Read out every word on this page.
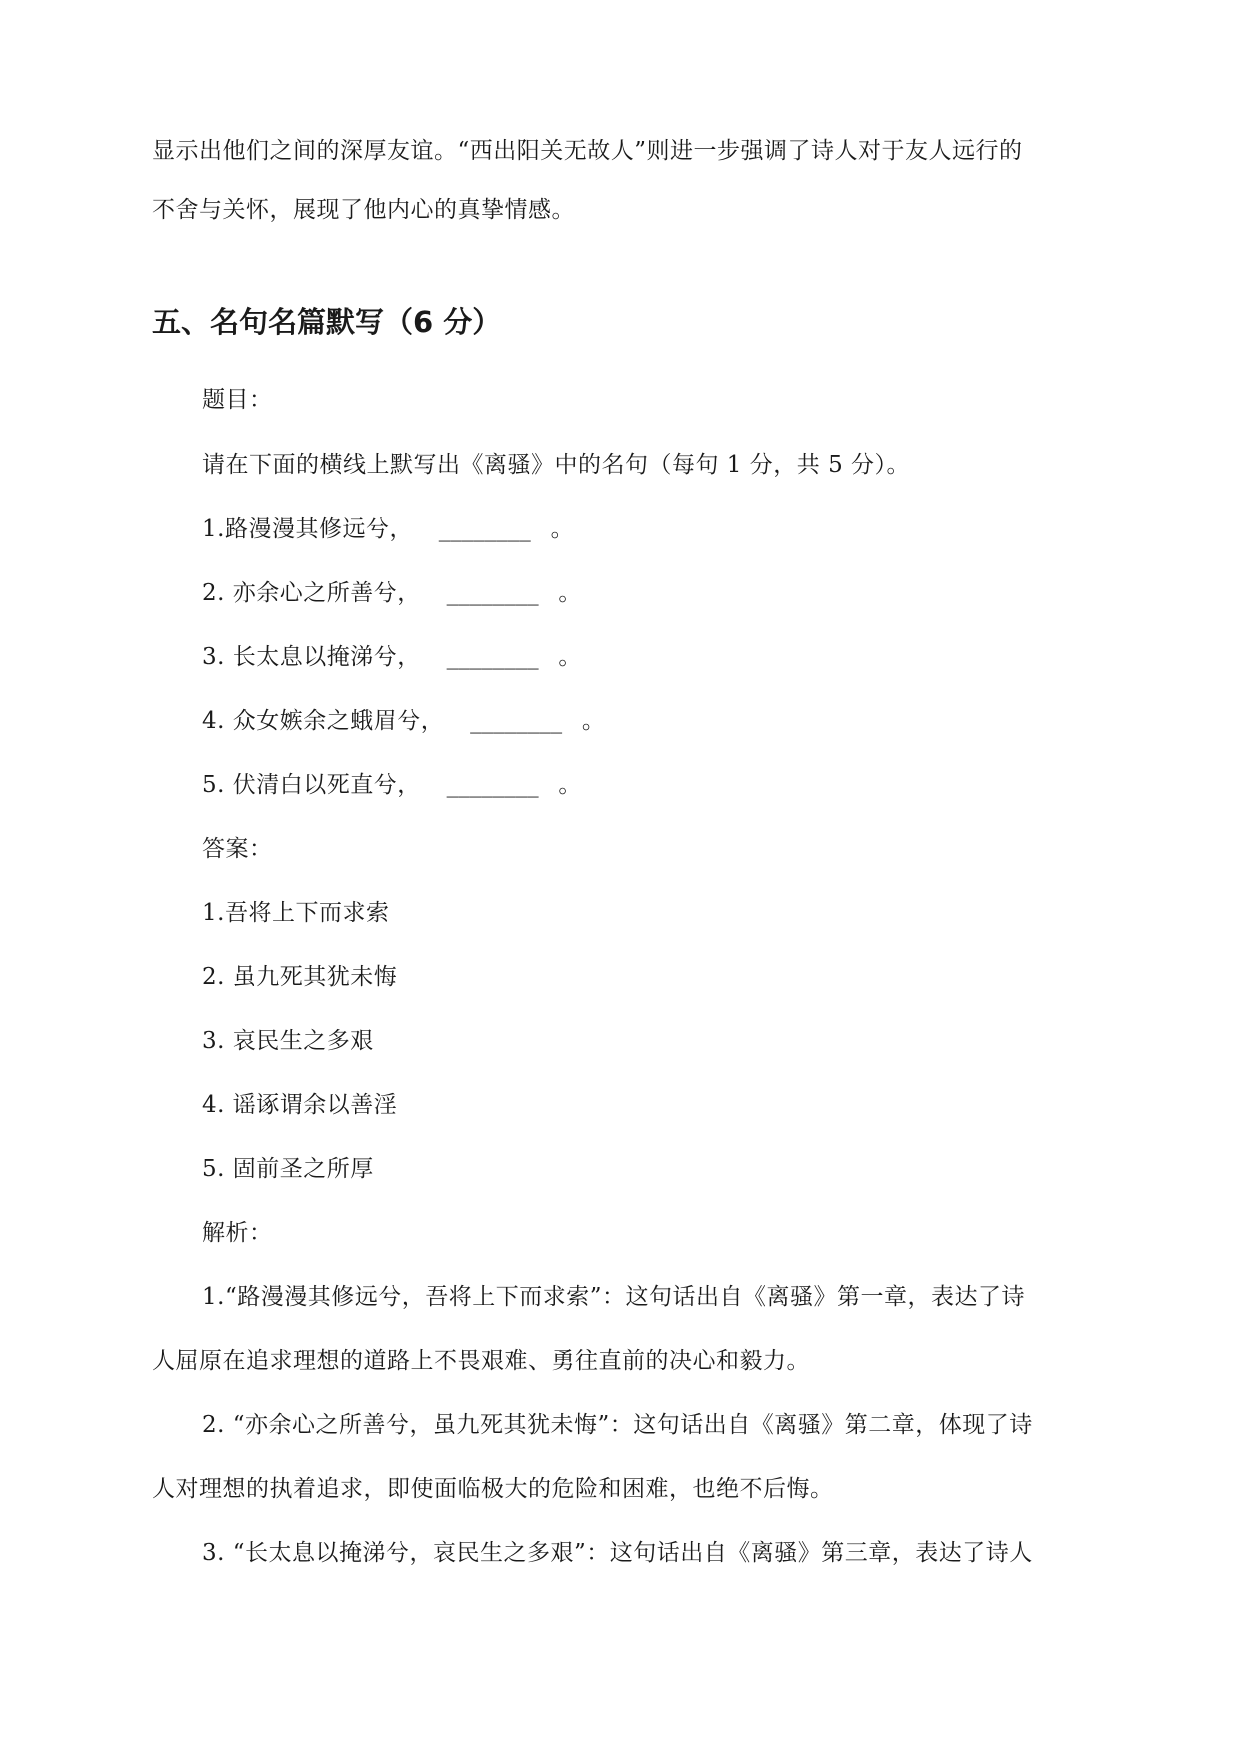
显示出他们之间的深厚友谊。“西出阳关无故人”则进一步强调了诗人对于友人远行的

不舍与关怀，展现了他内心的真挚情感。

五、名句名篇默写（6 分）

题目：

请在下面的横线上默写出《离骚》中的名句（每句 1 分，共 5 分）。

1.路漫漫其修远兮， ________ 。

2. 亦余心之所善兮， ________ 。

3. 长太息以掩涕兮， ________ 。

4. 众女嫉余之蛾眉兮， ________ 。

5. 伏清白以死直兮， ________ 。

答案：

1.吾将上下而求索

2. 虽九死其犹未悔

3. 哀民生之多艰

4. 谣诼谓余以善淫

5. 固前圣之所厚

解析：

1.“路漫漫其修远兮，吾将上下而求索”：这句话出自《离骚》第一章，表达了诗

人屈原在追求理想的道路上不畏艰难、勇往直前的决心和毅力。

2. “亦余心之所善兮，虽九死其犹未悔”：这句话出自《离骚》第二章，体现了诗

人对理想的执着追求，即使面临极大的危险和困难，也绝不后悔。

3. “长太息以掩涕兮，哀民生之多艰”：这句话出自《离骚》第三章，表达了诗人
